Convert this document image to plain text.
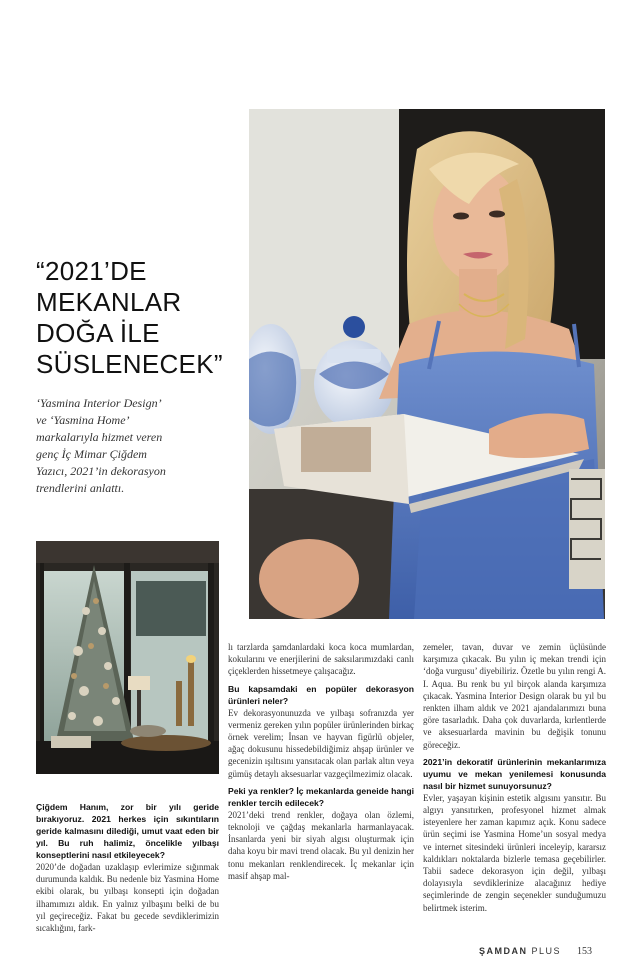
“2021’DE
MEKANLAR
DOĞA İLE
SÜSLENECEK”

‘Yasmina Interior Design’
ve ‘Yasmina Home’
markalarıyla hizmet veren
genç İç Mimar Çiğdem
Yazıcı, 2021’in dekorasyon
trendlerini anlattı.

Çiğdem Hanım, zor bir yılı geride bırakıyoruz. 2021 herkes için sıkıntıların geride kalmasını dilediği, umut vaat eden bir yıl. Bu ruh halimiz, öncelikle yılbaşı konseptlerini nasıl etkileyecek?

2020’de doğadan uzaklaşıp evlerimize sığınmak durumunda kaldık. Bu nedenle biz Yasmina Home ekibi olarak, bu yılbaşı konsepti için doğadan ilhamımızı aldık. En yalnız yılbaşını belki de bu yıl geçireceğiz. Fakat bu gecede sevdiklerimizin sıcaklığını, fark-

lı tarzlarda şamdanlardaki koca koca mumlardan, kokularını ve enerjilerini de saksılarımızdaki canlı çiçeklerden hissetmeye çalışacağız.

Bu kapsamdaki en popüler dekorasyon ürünleri neler?

Ev dekorasyonunuzda ve yılbaşı sofranızda yer vermeniz gereken yılın popüler ürünlerinden birkaç örnek verelim; İnsan ve hayvan figürlü objeler, ağaç dokusunu hissedebildiğimiz ahşap ürünler ve gecenizin ışıltısını yansıtacak olan parlak altın veya gümüş detaylı aksesuarlar vazgeçilmezimiz olacak.

Peki ya renkler? İç mekanlarda geneide hangi renkler tercih edilecek?

2021’deki trend renkler, doğaya olan özlemi, teknoloji ve çağdaş mekanlarla harmanlayacak. İnsanlarda yeni bir siyah algısı oluşturmak için daha koyu bir mavi trend olacak. Bu yıl denizin her tonu mekanları renklendirecek. İç mekanlar için masif ahşap mal-

zemeler, tavan, duvar ve zemin üçlüsünde karşımıza çıkacak. Bu yılın iç mekan trendi için ‘doğa vurgusu’ diyebiliriz. Özetle bu yılın rengi A. I. Aqua. Bu renk bu yıl birçok alanda karşımıza çıkacak. Yasmina Interior Design olarak bu yıl bu renkten ilham aldık ve 2021 ajandalarımızı buna göre tasarladık. Daha çok duvarlarda, kırlentlerde ve aksesuarlarda mavinin bu değişik tonunu göreceğiz.

2021’in dekoratif ürünlerinin mekanlarımıza uyumu ve mekan yenilemesi konusunda nasıl bir hizmet sunuyorsunuz?

Evler, yaşayan kişinin estetik algısını yansıtır. Bu algıyı yansıtırken, profesyonel hizmet almak isteyenlere her zaman kapımız açık. Konu sadece ürün seçimi ise Yasmina Home’un sosyal medya ve internet sitesindeki ürünleri inceleyip, kararsız kaldıkları noktalarda bizlerle temasa geçebilirler. Tabii sadece dekorasyon için değil, yılbaşı dolayısıyla sevdiklerinize alacağınız hediye seçimlerinde de zengin seçenekler sunduğumuzu belirtmek isterim.

ŞAMDAN PLUS 153
